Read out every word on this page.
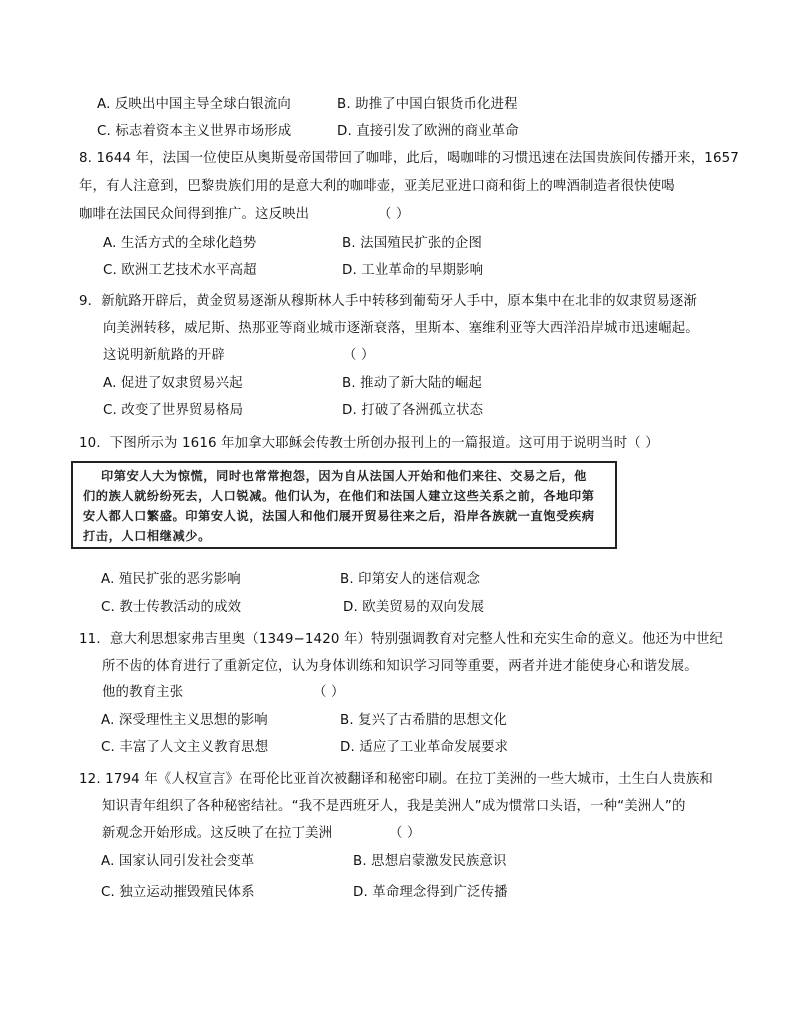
A. 反映出中国主导全球白银流向	B. 助推了中国白银货币化进程
C. 标志着资本主义世界市场形成	D. 直接引发了欧洲的商业革命
8. 1644 年，法国一位使臣从奥斯曼帝国带回了咖啡，此后，喝咖啡的习惯迅速在法国贵族间传播开来，1657
年，有人注意到，巴黎贵族们用的是意大利的咖啡壶，亚美尼亚进口商和街上的啤酒制造者很快使喝
咖啡在法国民众间得到推广。这反映出	（ ）
A. 生活方式的全球化趋势	B. 法国殖民扩张的企图
C. 欧洲工艺技术水平高超	D. 工业革命的早期影响
9．新航路开辟后，黄金贸易逐渐从穆斯林人手中转移到葡萄牙人手中，原本集中在北非的奴隶贸易逐渐
向美洲转移，威尼斯、热那亚等商业城市逐渐衰落，里斯本、塞维利亚等大西洋沿岸城市迅速崛起。
这说明新航路的开辟	（ ）
A. 促进了奴隶贸易兴起	B. 推动了新大陆的崛起
C. 改变了世界贸易格局	D. 打破了各洲孤立状态
10．下图所示为 1616 年加拿大耶稣会传教士所创办报刊上的一篇报道。这可用于说明当时（ ）
印第安人大为惊慌，同时也常常抱怨，因为自从法国人开始和他们来往、交易之后，他
们的族人就纷纷死去，人口锐减。他们认为，在他们和法国人建立这些关系之前，各地印第
安人都人口繁盛。印第安人说，法国人和他们展开贸易往来之后，沿岸各族就一直饱受疾病
打击，人口相继减少。
A. 殖民扩张的恶劣影响	B. 印第安人的迷信观念
C. 教士传教活动的成效	D. 欧美贸易的双向发展
11．意大利思想家弗吉里奥（1349−1420 年）特别强调教育对完整人性和充实生命的意义。他还为中世纪
所不齿的体育进行了重新定位，认为身体训练和知识学习同等重要，两者并进才能使身心和谐发展。
他的教育主张	（ ）
A. 深受理性主义思想的影响	B. 复兴了古希腊的思想文化
C. 丰富了人文主义教育思想	D. 适应了工业革命发展要求
12. 1794 年《人权宣言》在哥伦比亚首次被翻译和秘密印刷。在拉丁美洲的一些大城市，土生白人贵族和
知识青年组织了各种秘密结社。“我不是西班牙人，我是美洲人”成为惯常口头语，一种“美洲人”的
新观念开始形成。这反映了在拉丁美洲	（ ）
A. 国家认同引发社会变革	B. 思想启蒙激发民族意识
C. 独立运动摧毁殖民体系	D. 革命理念得到广泛传播
